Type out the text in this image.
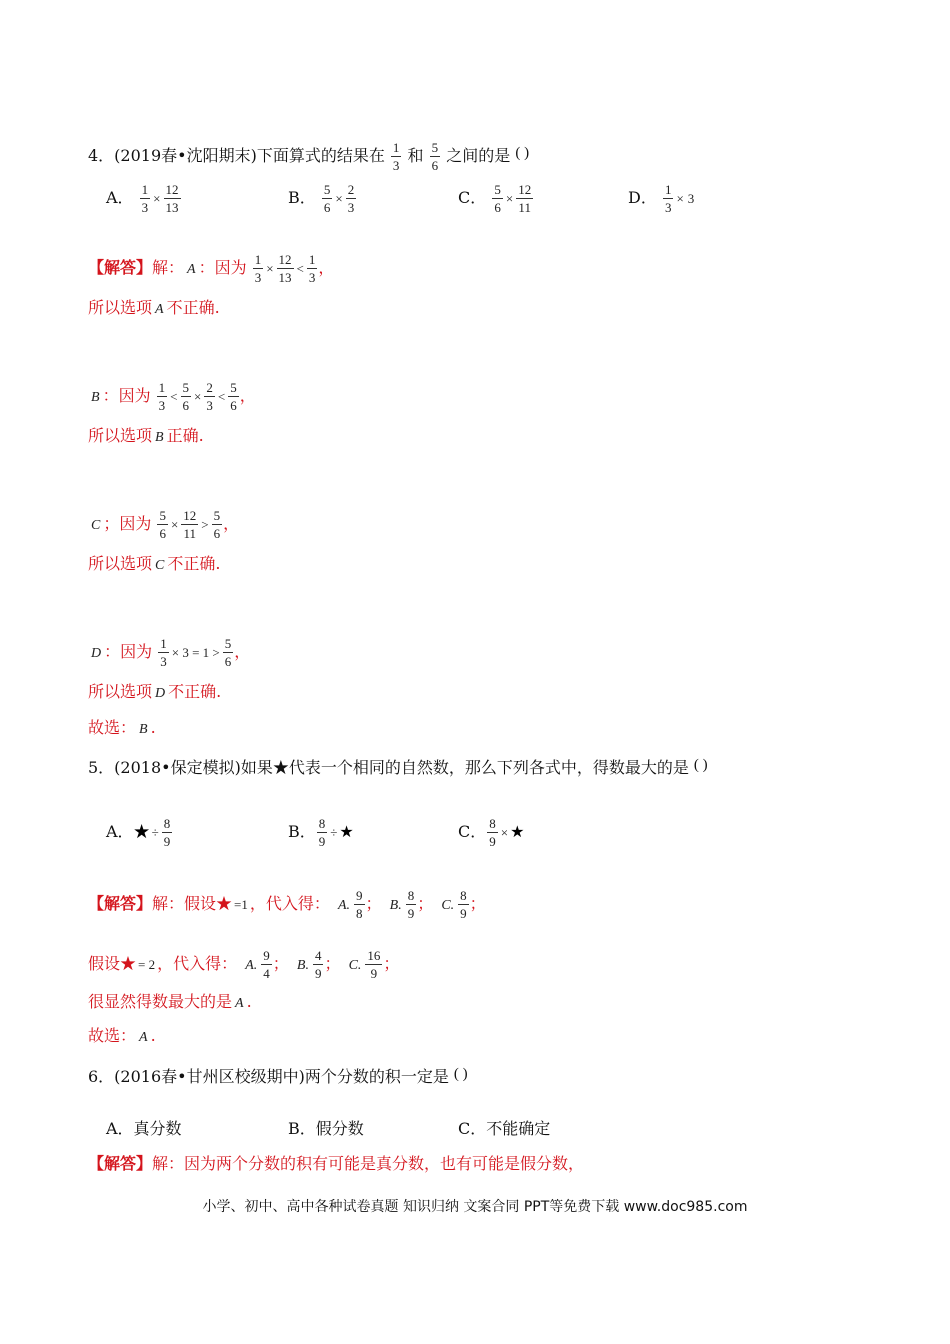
4．(2019春•沈阳期末)下面算式的结果在 $\frac{1}{3}$ 和 $\frac{5}{6}$ 之间的是 ( )
A． $\frac{1}{3} \times \frac{12}{13}$	B． $\frac{5}{6} \times \frac{2}{3}$	C． $\frac{5}{6} \times \frac{12}{11}$	D． $\frac{1}{3} \times 3$
【解答】解： A ：因为 $\frac{1}{3} \times \frac{12}{13} < \frac{1}{3}$ ，
所以选项 A 不正确.
B ：因为 $\frac{1}{3} < \frac{5}{6} \times \frac{2}{3} < \frac{5}{6}$ ，
所以选项 B 正确.
C ；因为 $\frac{5}{6} \times \frac{12}{11} > \frac{5}{6}$ ，
所以选项 C 不正确.
D ：因为 $\frac{1}{3} \times 3 = 1 > \frac{5}{6}$ ，
所以选项 D 不正确.
故选： B .
5．(2018•保定模拟)如果★代表一个相同的自然数，那么下列各式中，得数最大的是 ( )
A．★ ÷ $\frac{8}{9}$	B． $\frac{8}{9}$ ÷ ★	C． $\frac{8}{9}$ × ★
【解答】解：假设★ =1 ，代入得： A. $\frac{9}{8}$ ； B. $\frac{8}{9}$ ； C. $\frac{8}{9}$ ；
假设★ = 2 ，代入得： A. $\frac{9}{4}$ ； B. $\frac{4}{9}$ ； C. $\frac{16}{9}$ ；
很显然得数最大的是 A .
故选： A .
6．(2016春•甘州区校级期中)两个分数的积一定是 ( )
A．真分数	B．假分数	C．不能确定
【解答】解：因为两个分数的积有可能是真分数，也有可能是假分数，
小学、初中、高中各种试卷真题 知识归纳 文案合同 PPT等免费下载 www.doc985.com
